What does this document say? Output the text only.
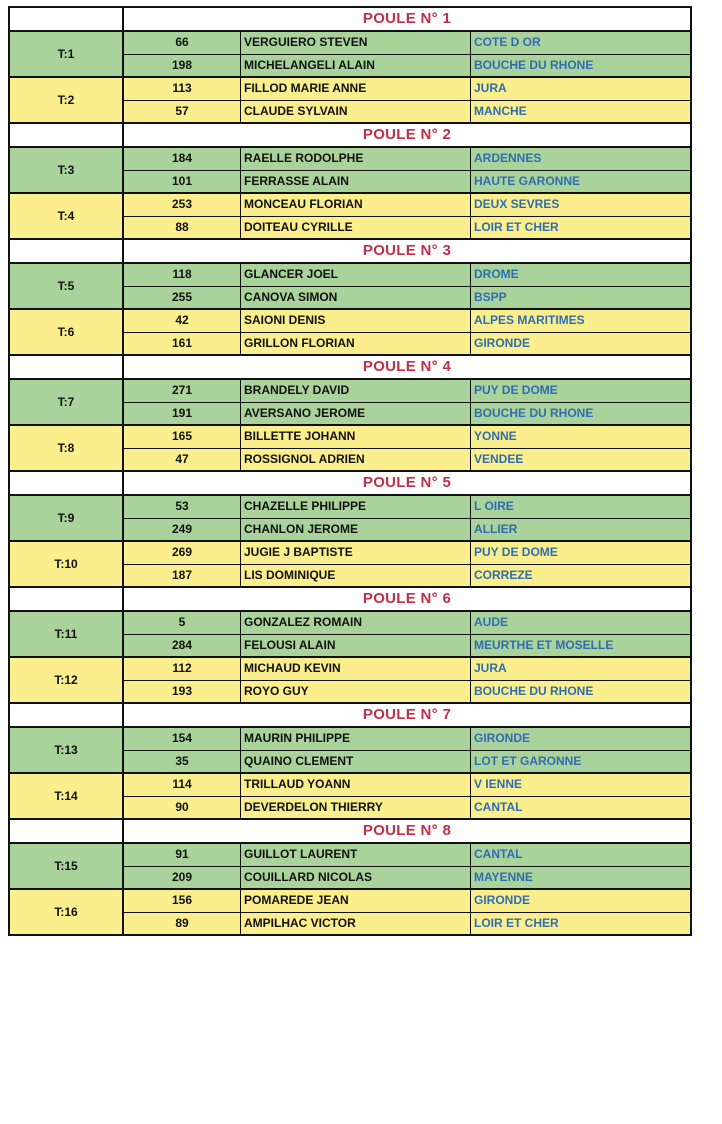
POULE N° 1
T:1
66	VERGUIERO STEVEN	COTE D OR
198	MICHELANGELI ALAIN	BOUCHE DU RHONE
T:2
113	FILLOD MARIE ANNE	JURA
57	CLAUDE SYLVAIN	MANCHE
POULE N° 2
T:3
184	RAELLE RODOLPHE	ARDENNES
101	FERRASSE ALAIN	HAUTE GARONNE
T:4
253	MONCEAU FLORIAN	DEUX SEVRES
88	DOITEAU CYRILLE	LOIR ET CHER
POULE N° 3
T:5
118	GLANCER JOEL	DROME
255	CANOVA SIMON	BSPP
T:6
42	SAIONI DENIS	ALPES MARITIMES
161	GRILLON FLORIAN	GIRONDE
POULE N° 4
T:7
271	BRANDELY DAVID	PUY DE DOME
191	AVERSANO JEROME	BOUCHE DU RHONE
T:8
165	BILLETTE JOHANN	YONNE
47	ROSSIGNOL ADRIEN	VENDEE
POULE N° 5
T:9
53	CHAZELLE PHILIPPE	L OIRE
249	CHANLON JEROME	ALLIER
T:10
269	JUGIE J BAPTISTE	PUY DE DOME
187	LIS DOMINIQUE	CORREZE
POULE N° 6
T:11
5	GONZALEZ ROMAIN	AUDE
284	FELOUSI ALAIN	MEURTHE ET MOSELLE
T:12
112	MICHAUD KEVIN	JURA
193	ROYO GUY	BOUCHE DU RHONE
POULE N° 7
T:13
154	MAURIN PHILIPPE	GIRONDE
35	QUAINO CLEMENT	LOT ET GARONNE
T:14
114	TRILLAUD YOANN	V IENNE
90	DEVERDELON THIERRY	CANTAL
POULE N° 8
T:15
91	GUILLOT LAURENT	CANTAL
209	COUILLARD NICOLAS	MAYENNE
T:16
156	POMAREDE JEAN	GIRONDE
89	AMPILHAC VICTOR	LOIR ET CHER
